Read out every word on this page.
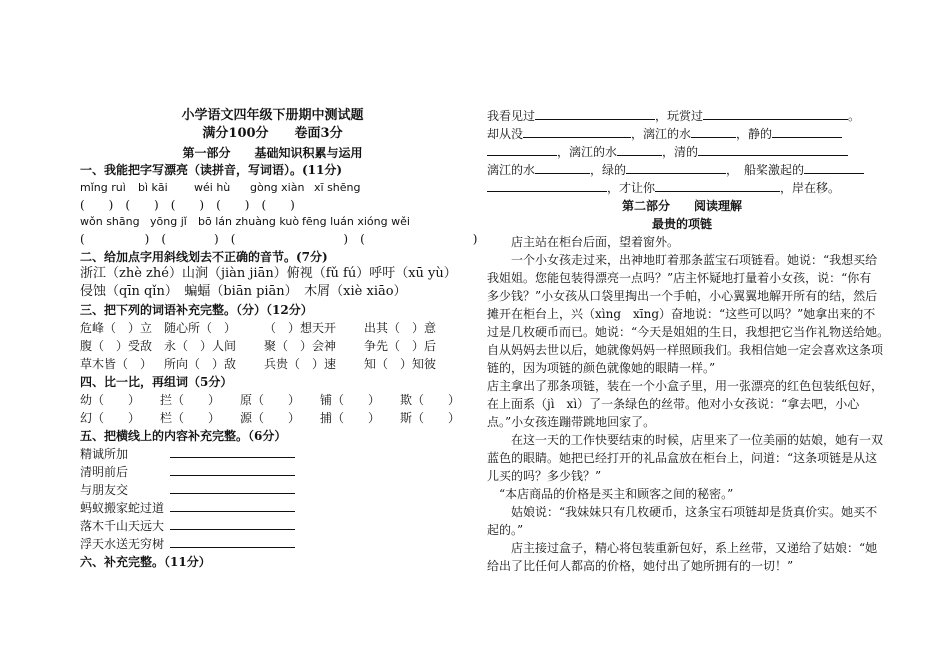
小学语文四年级下册期中测试题
满分100分　　卷面3分
第一部分　　基础知识积累与运用
一、我能把字写漂亮（读拼音，写词语）。(11分)
mǐng ruì bì kāi wéi hù gòng xiàn xī shēng
(　　)　(　　)　(　　)　(　　)　(　　)
wǒn shāng yōng jǐ bō lán zhuàng kuò fēng luán xióng wěi
(　　　　　)　(　　　　)　(　　　　　　　　　)　(　　　　　　　　　)
二、给加点字用斜线划去不正确的音节。(7分)
浙江（zhè zhé）山涧（jiàn jiān）俯视（fǔ fú）呼吁（xū yù）
侵蚀（qīn qǐn）　蝙蝠（biān piān）　木屑（xiè xiāo）
三、把下列的词语补充完整。（分）（12分）
危峰（　）立 随心所（　） （　）想天开 出其（　）意
腹（　）受敌 永（　）人间 聚（　）会神 争先（　）后
草木皆（　） 所向（　）敌 兵贵（　）速 知（　）知彼
四、比一比，再组词（5分）
幼（　　） 拦（　　） 原（　　） 铺（　　） 欺（　　）
幻（　　） 栏（　　） 源（　　） 捕（　　） 斯（　　）
五、把横线上的内容补充完整。（6分）
精诚所加
清明前后
与朋友交
蚂蚁搬家蛇过道
落木千山天远大
浮天水送无穷树
六、补充完整。（11分）
我看见过	，玩赏过	。
却从没	，漓江的水	，静的
，漓江的水	，清的
漓江的水	，绿的	，　船桨激起的
，才让你	，岸在移。
第二部分　　阅读理解
最贵的项链
　　店主站在柜台后面，望着窗外。
　　一个小女孩走过来，出神地盯着那条蓝宝石项链看。她说：“我想买给
我姐姐。您能包装得漂亮一点吗？”店主怀疑地打量着小女孩，说：“你有
多少钱？”小女孩从口袋里掏出一个手帕，小心翼翼地解开所有的结，然后
摊开在柜台上，兴（xìng　xīng）奋地说：“这些可以吗？”她拿出来的不
过是几枚硬币而已。她说：“今天是姐姐的生日，我想把它当作礼物送给她。
自从妈妈去世以后，她就像妈妈一样照顾我们。我相信她一定会喜欢这条项
链的，因为项链的颜色就像她的眼睛一样。”
店主拿出了那条项链，装在一个小盒子里，用一张漂亮的红色包装纸包好，
在上面系（jì　xì）了一条绿色的丝带。他对小女孩说：“拿去吧，小心
点。”小女孩连蹦带跳地回家了。
　　在这一天的工作快要结束的时候，店里来了一位美丽的姑娘，她有一双
蓝色的眼睛。她把已经打开的礼品盒放在柜台上，问道：“这条项链是从这
儿买的吗？多少钱？”
　“本店商品的价格是买主和顾客之间的秘密。”
　　姑娘说：“我妹妹只有几枚硬币，这条宝石项链却是货真价实。她买不
起的。”
　　店主接过盒子，精心将包装重新包好，系上丝带，又递给了姑娘：“她
给出了比任何人都高的价格，她付出了她所拥有的一切！”
